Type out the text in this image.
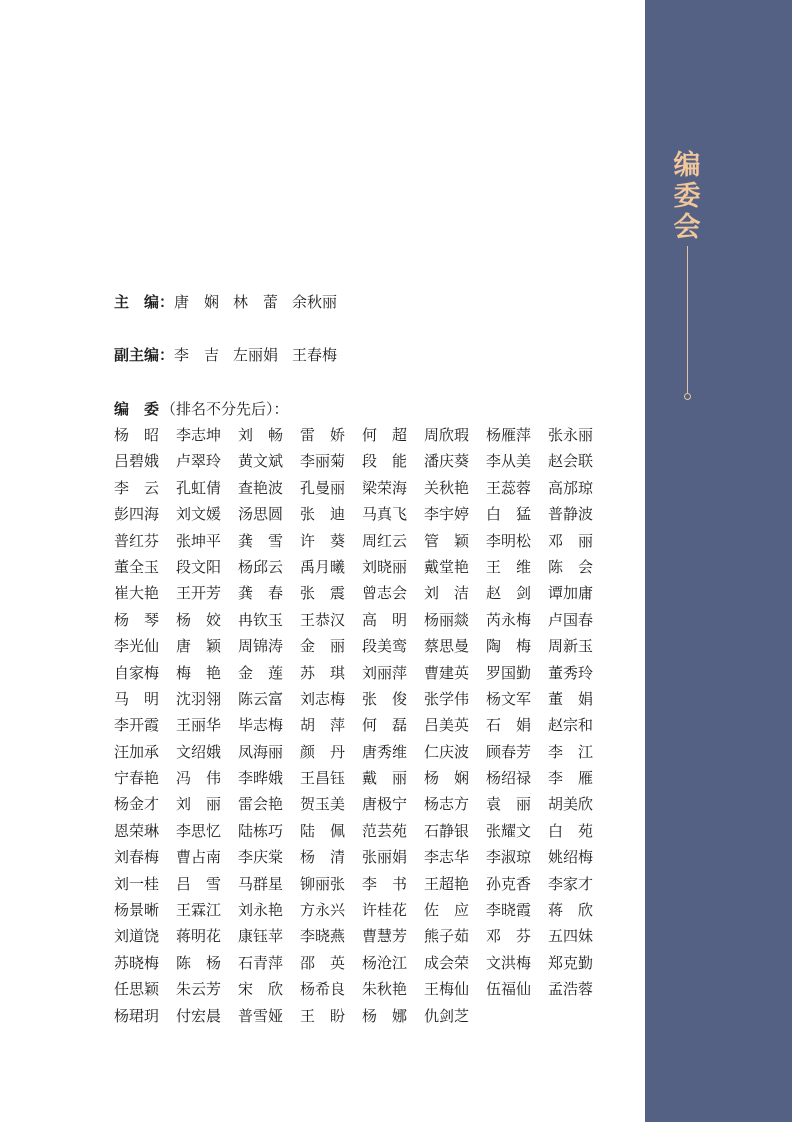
编
委
会
主　编：唐　娴 林　蕾 余秋丽
副主编：李　吉 左丽娟 王春梅
编　委 （排名不分先后）：
杨　昭	李志坤	刘　畅	雷　娇	何　超	周欣瑕	杨雁萍	张永丽
吕碧娥	卢翠玲	黄文斌	李丽菊	段　能	潘庆葵	李从美	赵会联
李　云	孔虹倩	查艳波	孔曼丽	梁荣海	关秋艳	王蕊蓉	高邡琼
彭四海	刘文媛	汤思圆	张　迪	马真飞	李宇婷	白　猛	普静波
普红芬	张坤平	龚　雪	许　葵	周红云	管　颖	李明松	邓　丽
董全玉	段文阳	杨邱云	禹月曦	刘晓丽	戴堂艳	王　维	陈　会
崔大艳	王开芳	龚　春	张　震	曾志会	刘　洁	赵　剑	谭加庸
杨　琴	杨　姣	冉钦玉	王恭汉	高　明	杨丽燚	芮永梅	卢国春
李光仙	唐　颖	周锦涛	金　丽	段美鸾	蔡思曼	陶　梅	周新玉
自家梅	梅　艳	金　莲	苏　琪	刘丽萍	曹建英	罗国勤	董秀玲
马　明	沈羽翎	陈云富	刘志梅	张　俊	张学伟	杨文军	董　娟
李开霞	王丽华	毕志梅	胡　萍	何　磊	吕美英	石　娟	赵宗和
汪加承	文绍娥	凤海丽	颜　丹	唐秀维	仁庆波	顾春芳	李　江
宁春艳	冯　伟	李晔娥	王昌钰	戴　丽	杨　娴	杨绍禄	李　雁
杨金才	刘　丽	雷会艳	贺玉美	唐极宁	杨志方	袁　丽	胡美欣
恩荣琳	李思忆	陆栋巧	陆　佩	范芸苑	石静银	张耀文	白　苑
刘春梅	曹占南	李庆棠	杨　清	张丽娟	李志华	李淑琼	姚绍梅
刘一桂	吕　雪	马群星	铆丽张	李　书	王超艳	孙克香	李家才
杨景晰	王霖江	刘永艳	方永兴	许桂花	佐　应	李晓霞	蒋　欣
刘道饶	蒋明花	康钰苹	李晓燕	曹慧芳	熊子茹	邓　芬	五四妹
苏晓梅	陈　杨	石青萍	邵　英	杨沧江	成会荣	文洪梅	郑克勤
任思颖	朱云芳	宋　欣	杨希良	朱秋艳	王梅仙	伍福仙	孟浩蓉
杨珺玥	付宏晨	普雪娅	王　盼	杨　娜	仇剑芝
